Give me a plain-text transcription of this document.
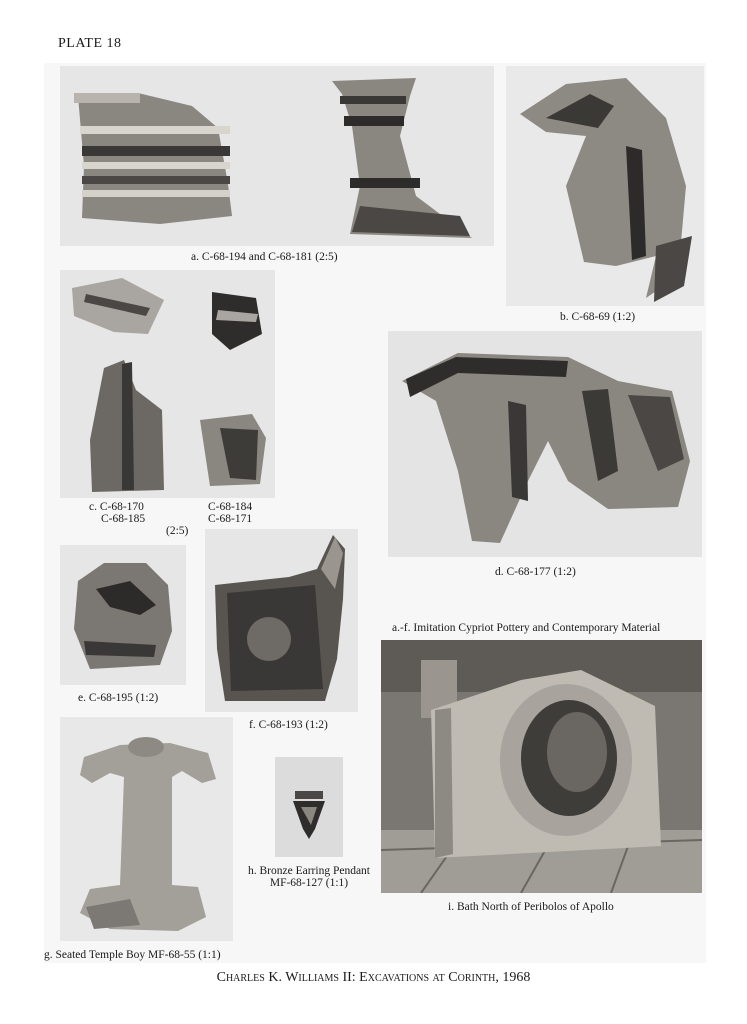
PLATE 18
a. C-68-194 and C-68-181 (2:5)
b. C-68-69 (1:2)
c. C-68-170
C-68-185
C-68-184
C-68-171
(2:5)
d. C-68-177 (1:2)
e. C-68-195 (1:2)
f. C-68-193 (1:2)
a.-f. Imitation Cypriot Pottery and Contemporary Material
i. Bath North of Peribolos of Apollo
g. Seated Temple Boy MF-68-55 (1:1)
h. Bronze Earring Pendant
MF-68-127 (1:1)
Charles K. Williams II: Excavations at Corinth, 1968
